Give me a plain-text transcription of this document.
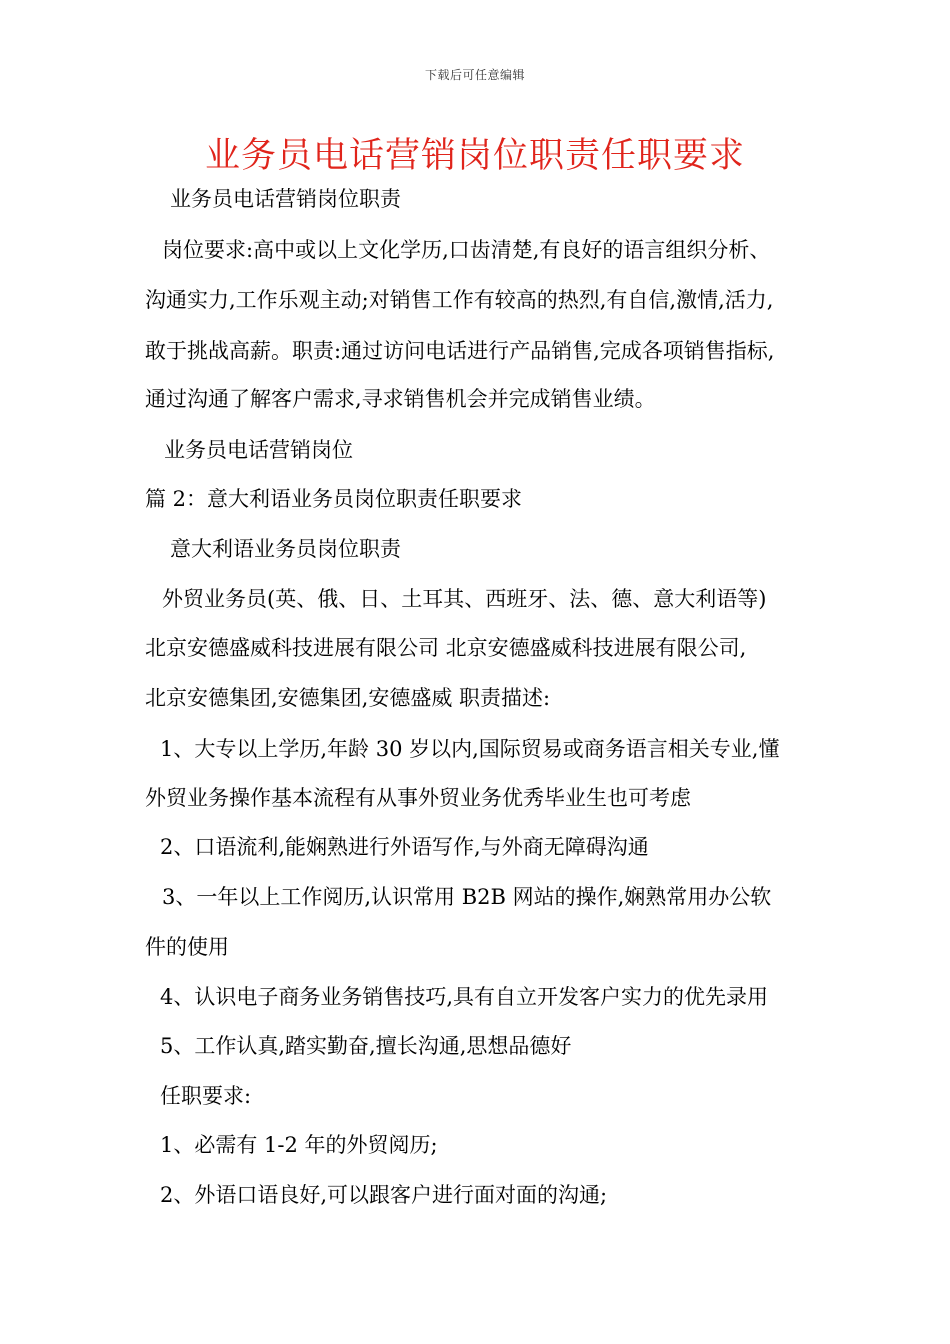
下载后可任意编辑
业务员电话营销岗位职责任职要求
业务员电话营销岗位职责
岗位要求:高中或以上文化学历,口齿清楚,有良好的语言组织分析、
沟通实力,工作乐观主动;对销售工作有较高的热烈,有自信,激情,活力,
敢于挑战高薪。职责:通过访问电话进行产品销售,完成各项销售指标,
通过沟通了解客户需求,寻求销售机会并完成销售业绩。
业务员电话营销岗位
篇 2：意大利语业务员岗位职责任职要求
意大利语业务员岗位职责
外贸业务员(英、俄、日、土耳其、西班牙、法、德、意大利语等)
北京安德盛威科技进展有限公司 北京安德盛威科技进展有限公司,
北京安德集团,安德集团,安德盛威 职责描述:
1、大专以上学历,年龄 30 岁以内,国际贸易或商务语言相关专业,懂
外贸业务操作基本流程有从事外贸业务优秀毕业生也可考虑
2、口语流利,能娴熟进行外语写作,与外商无障碍沟通
3、一年以上工作阅历,认识常用 B2B 网站的操作,娴熟常用办公软
件的使用
4、认识电子商务业务销售技巧,具有自立开发客户实力的优先录用
5、工作认真,踏实勤奋,擅长沟通,思想品德好
任职要求:
1、必需有 1-2 年的外贸阅历;
2、外语口语良好,可以跟客户进行面对面的沟通;
